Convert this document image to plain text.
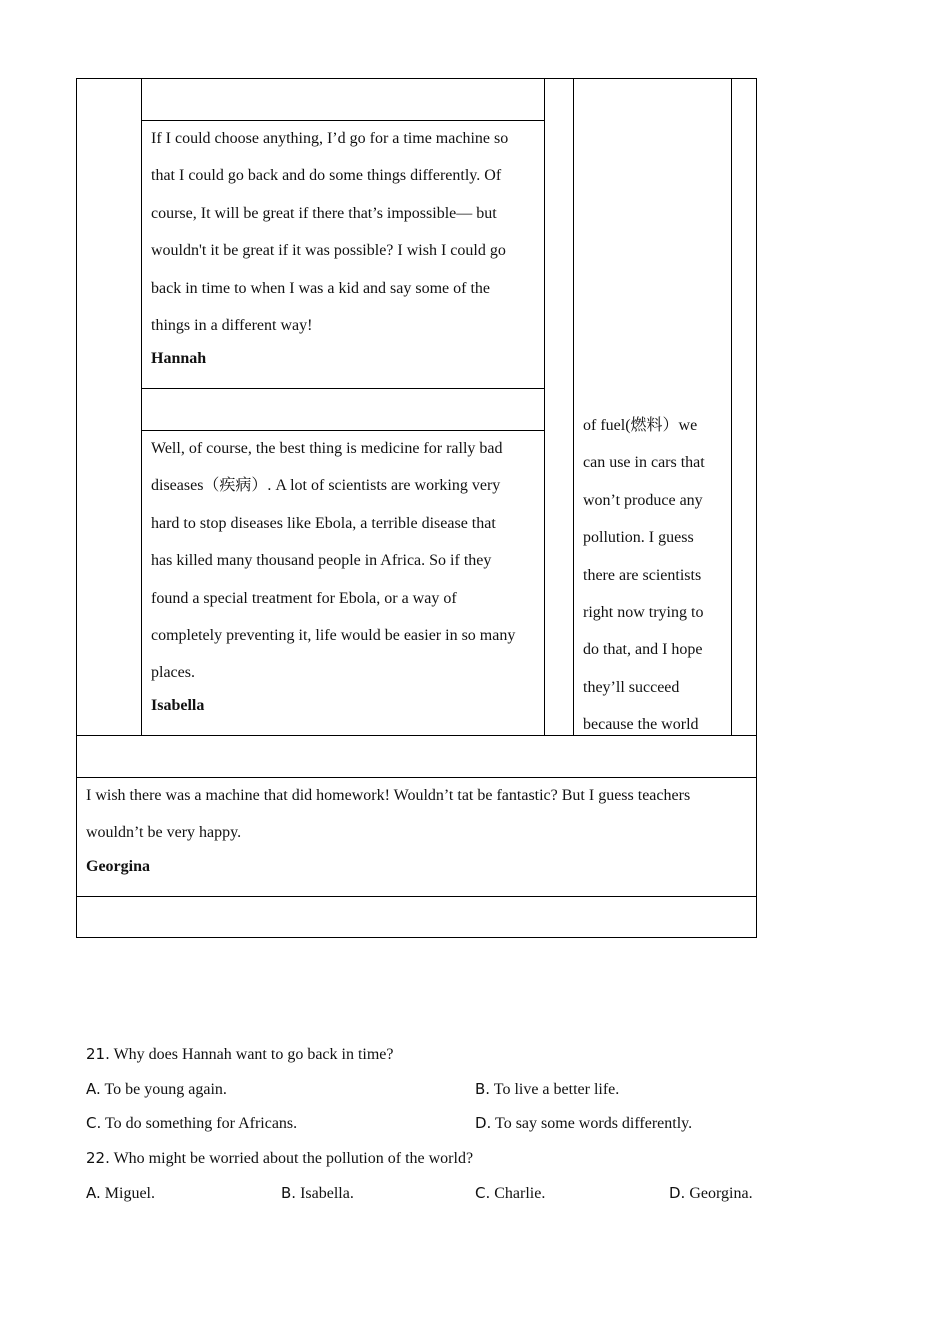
If I could choose anything, I’d go for a time machine so
that I could go back and do some things differently. Of
course, It will be great if there that’s impossible— but
wouldn't it be great if it was possible? I wish I could go
back in time to when I was a kid and say some of the
things in a different way!
Hannah
Well, of course, the best thing is medicine for rally bad
diseases（疾病）. A lot of scientists are working very
hard to stop diseases like Ebola, a terrible disease that
has killed many thousand people in Africa. So if they
found a special treatment for Ebola, or a way of
completely preventing it, life would be easier in so many
places.
Isabella
of fuel(燃料）we
can use in cars that
won’t produce any
pollution. I guess
there are scientists
right now trying to
do that, and I hope
they’ll succeed
because the world
I wish there was a machine that did homework! Wouldn’t tat be fantastic? But I guess teachers
wouldn’t be very happy.
Georgina
21. Why does Hannah want to go back in time?
A. To be young again.	B. To live a better life.
C. To do something for Africans.	D. To say some words differently.
22. Who might be worried about the pollution of the world?
A. Miguel.	B. Isabella.	C. Charlie.	D. Georgina.
